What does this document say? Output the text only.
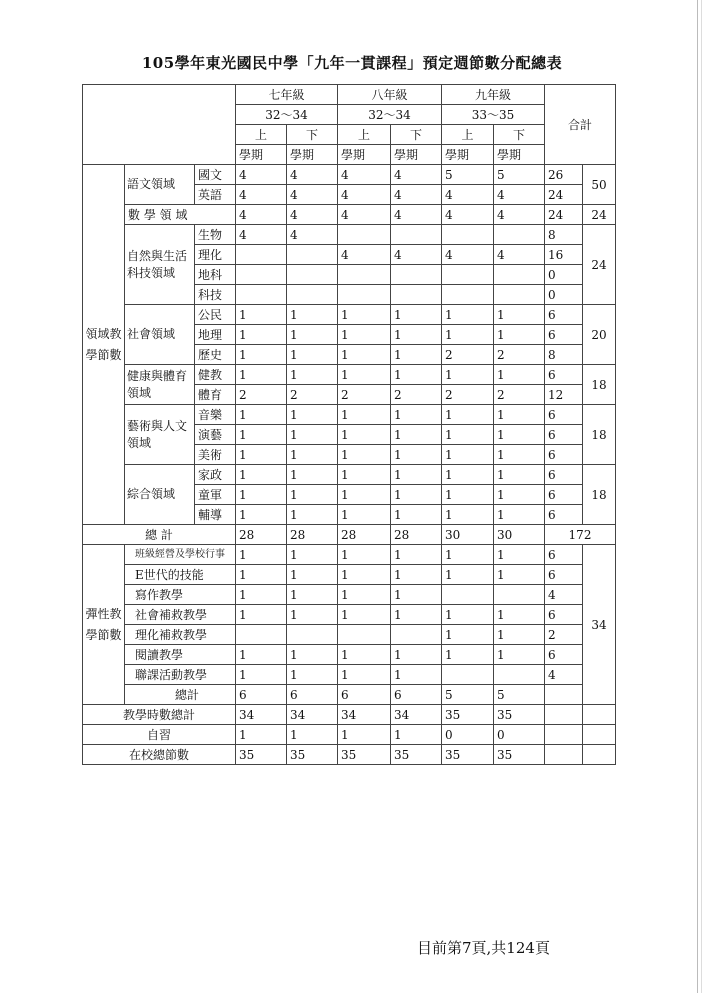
105學年東光國民中學「九年一貫課程」預定週節數分配總表
			七年級		八年級		九年級		合計	
			32～34		32～34		33～35			
			上	下	上	下	上	下		
			學期	學期	學期	學期	學期	學期		
領域教學節數	語文領域	國文	4	4	4	4	5	5	26	50
		英語	4	4	4	4	4	4	24	
	數 學 領 域		4	4	4	4	4	4	24	24
	自然與生活科技領域	生物	4	4					8	24
		理化			4	4	4	4	16	
		地科							0	
		科技							0	
	社會領域	公民	1	1	1	1	1	1	6	20
		地理	1	1	1	1	1	1	6	
		歷史	1	1	1	1	2	2	8	
	健康與體育領域	健教	1	1	1	1	1	1	6	18
		體育	2	2	2	2	2	2	12	
	藝術與人文領域	音樂	1	1	1	1	1	1	6	18
		演藝	1	1	1	1	1	1	6	
		美術	1	1	1	1	1	1	6	
	綜合領域	家政	1	1	1	1	1	1	6	18
		童軍	1	1	1	1	1	1	6	
		輔導	1	1	1	1	1	1	6	
總 計			28	28	28	28	30	30	172	
彈性教學節數	班級經營及學校行事		1	1	1	1	1	1	6	34
	E世代的技能		1	1	1	1	1	1	6	
	寫作教學		1	1	1	1			4	
	社會補救教學		1	1	1	1	1	1	6	
	理化補救教學						1	1	2	
	閱讀教學		1	1	1	1	1	1	6	
	聯課活動教學		1	1	1	1			4	
	總計		6	6	6	6	5	5		
教學時數總計			34	34	34	34	35	35		
自習			1	1	1	1	0	0		
在校總節數			35	35	35	35	35	35		
目前第7頁,共124頁
